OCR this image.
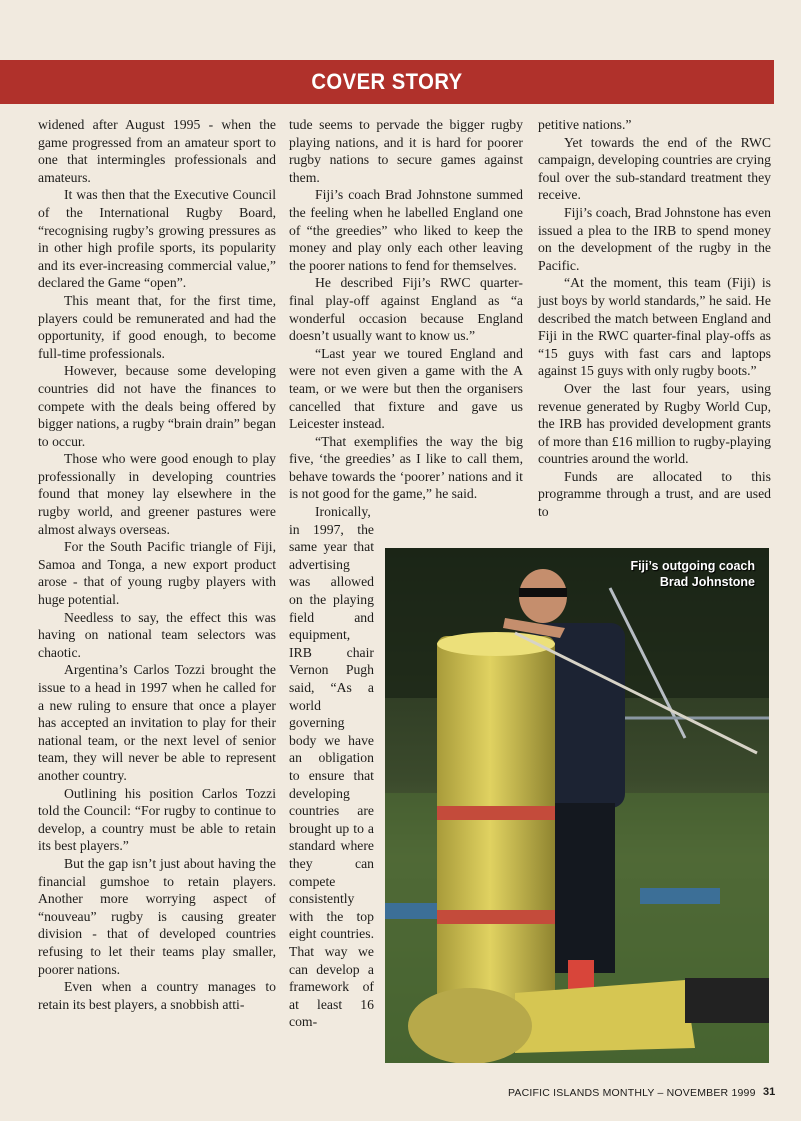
COVER STORY

widened after August 1995 - when the game progressed from an amateur sport to one that intermingles professionals and amateurs.

It was then that the Executive Council of the International Rugby Board, “recognising rugby’s growing pressures as in other high profile sports, its popularity and its ever-increasing commercial value,” declared the Game “open”.

This meant that, for the first time, players could be remunerated and had the opportunity, if good enough, to become full-time professionals.

However, because some developing countries did not have the finances to compete with the deals being offered by bigger nations, a rugby “brain drain” began to occur.

Those who were good enough to play professionally in developing countries found that money lay elsewhere in the rugby world, and greener pastures were almost always overseas.

For the South Pacific triangle of Fiji, Samoa and Tonga, a new export product arose - that of young rugby players with huge potential.

Needless to say, the effect this was having on national team selectors was chaotic.

Argentina’s Carlos Tozzi brought the issue to a head in 1997 when he called for a new ruling to ensure that once a player has accepted an invitation to play for their national team, or the next level of senior team, they will never be able to represent another country.

Outlining his position Carlos Tozzi told the Council: “For rugby to continue to develop, a country must be able to retain its best players.”

But the gap isn’t just about having the financial gumshoe to retain players. Another more worrying aspect of “nouveau” rugby is causing greater division - that of developed countries refusing to let their teams play smaller, poorer nations.

Even when a country manages to retain its best players, a snobbish atti-

tude seems to pervade the bigger rugby playing nations, and it is hard for poorer rugby nations to secure games against them.

Fiji’s coach Brad Johnstone summed the feeling when he labelled England one of “the greedies” who liked to keep the money and play only each other leaving the poorer nations to fend for themselves.

He described Fiji’s RWC quarter-final play-off against England as “a wonderful occasion because England doesn’t usually want to know us.”

“Last year we toured England and were not even given a game with the A team, or we were but then the organisers cancelled that fixture and gave us Leicester instead.

“That exemplifies the way the big five, ‘the greedies’ as I like to call them, behave towards the ‘poorer’ nations and it is not good for the game,” he said.

Ironically, in 1997, the same year that advertising was allowed on the playing field and equipment, IRB chair Vernon Pugh said, “As a world governing body we have an obligation to ensure that developing countries are brought up to a standard where they can compete consistently with the top eight countries. That way we can develop a framework of at least 16 com-

petitive nations.”

Yet towards the end of the RWC campaign, developing countries are crying foul over the sub-standard treatment they receive.

Fiji’s coach, Brad Johnstone has even issued a plea to the IRB to spend money on the development of the rugby in the Pacific.

“At the moment, this team (Fiji) is just boys by world standards,” he said. He described the match between England and Fiji in the RWC quarter-final play-offs as “15 guys with fast cars and laptops against 15 guys with only rugby boots.”

Over the last four years, using revenue generated by Rugby World Cup, the IRB has provided development grants of more than £16 million to rugby-playing countries around the world.

Funds are allocated to this programme through a trust, and are used to

Fiji’s outgoing coach
Brad Johnstone
PACIFIC ISLANDS MONTHLY – NOVEMBER 1999 31
